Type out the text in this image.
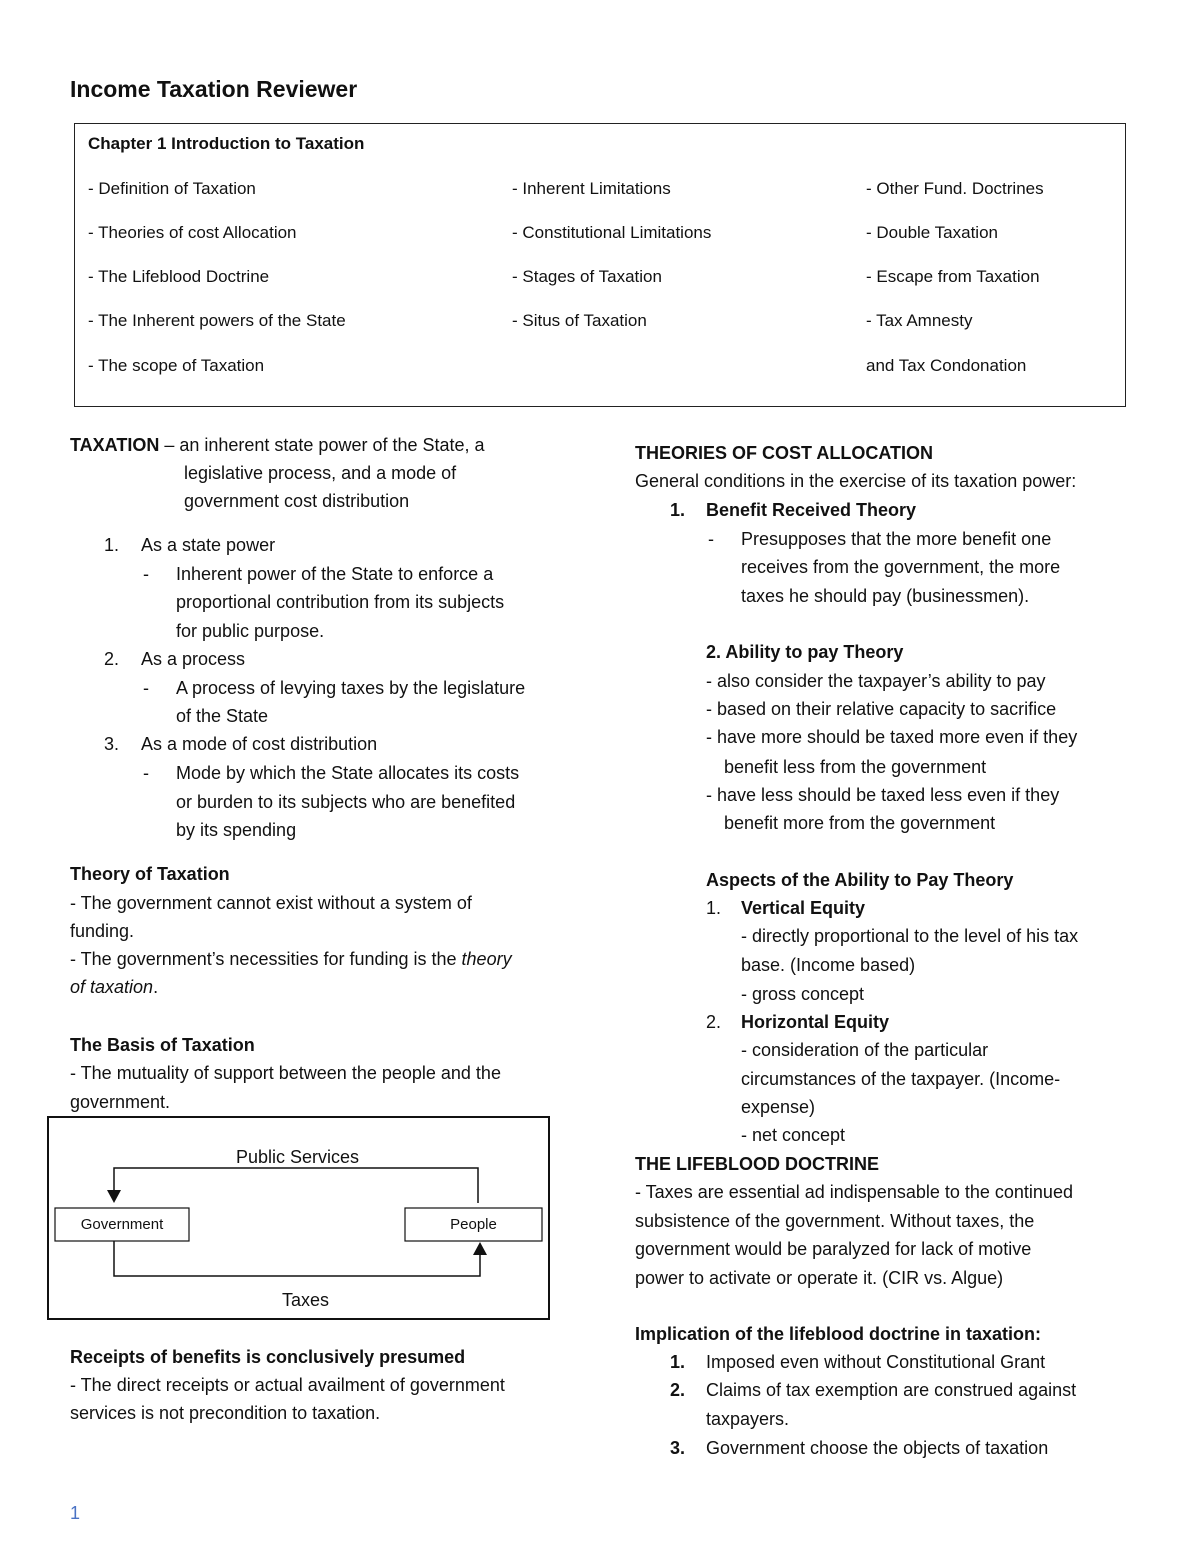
Income Taxation Reviewer
Chapter 1 Introduction to Taxation
- Definition of Taxation
- Theories of cost Allocation
- The Lifeblood Doctrine
- The Inherent powers of the State
- The scope of Taxation
- Inherent Limitations
- Constitutional Limitations
- Stages of Taxation
- Situs of Taxation
- Other Fund. Doctrines
- Double Taxation
- Escape from Taxation
- Tax Amnesty
and Tax Condonation
TAXATION – an inherent state power of the State, a
legislative process, and a mode of
government cost distribution
1. As a state power
- Inherent power of the State to enforce a
proportional contribution from its subjects
for public purpose.
2. As a process
- A process of levying taxes by the legislature
of the State
3. As a mode of cost distribution
- Mode by which the State allocates its costs
or burden to its subjects who are benefited
by its spending
Theory of Taxation
- The government cannot exist without a system of
funding.
- The government’s necessities for funding is the theory
of taxation.
The Basis of Taxation
- The mutuality of support between the people and the
government.
Public Services
Government	People
Taxes
Receipts of benefits is conclusively presumed
- The direct receipts or actual availment of government
services is not precondition to taxation.
THEORIES OF COST ALLOCATION
General conditions in the exercise of its taxation power:
1. Benefit Received Theory
- Presupposes that the more benefit one
receives from the government, the more
taxes he should pay (businessmen).
2. Ability to pay Theory
- also consider the taxpayer’s ability to pay
- based on their relative capacity to sacrifice
- have more should be taxed more even if they
benefit less from the government
- have less should be taxed less even if they
benefit more from the government
Aspects of the Ability to Pay Theory
1. Vertical Equity
- directly proportional to the level of his tax
base. (Income based)
- gross concept
2. Horizontal Equity
- consideration of the particular
circumstances of the taxpayer. (Income-
expense)
- net concept
THE LIFEBLOOD DOCTRINE
- Taxes are essential ad indispensable to the continued
subsistence of the government. Without taxes, the
government would be paralyzed for lack of motive
power to activate or operate it. (CIR vs. Algue)
Implication of the lifeblood doctrine in taxation:
1. Imposed even without Constitutional Grant
2. Claims of tax exemption are construed against
taxpayers.
3. Government choose the objects of taxation
1
